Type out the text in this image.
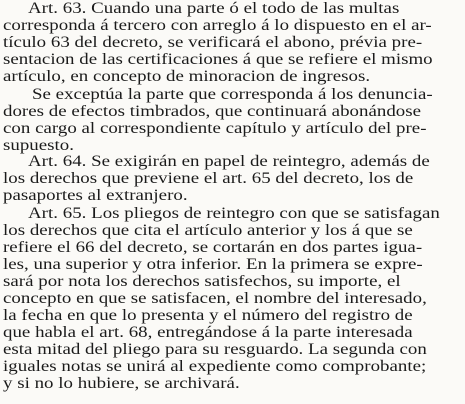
Art. 63. Cuando una parte ó el todo de las multas
corresponda á tercero con arreglo á lo dispuesto en el ar-
tículo 63 del decreto, se verificará el abono, prévia pre-
sentacion de las certificaciones á que se refiere el mismo
artículo, en concepto de minoracion de ingresos.
Se exceptúa la parte que corresponda á los denuncia-
dores de efectos timbrados, que continuará abonándose
con cargo al correspondiente capítulo y artículo del pre-
supuesto.
Art. 64. Se exigirán en papel de reintegro, además de
los derechos que previene el art. 65 del decreto, los de
pasaportes al extranjero.
Art. 65. Los pliegos de reintegro con que se satisfagan
los derechos que cita el artículo anterior y los á que se
refiere el 66 del decreto, se cortarán en dos partes igua-
les, una superior y otra inferior. En la primera se expre-
sará por nota los derechos satisfechos, su importe, el
concepto en que se satisfacen, el nombre del interesado,
la fecha en que lo presenta y el número del registro de
que habla el art. 68, entregándose á la parte interesada
esta mitad del pliego para su resguardo. La segunda con
iguales notas se unirá al expediente como comprobante;
y si no lo hubiere, se archivará.
